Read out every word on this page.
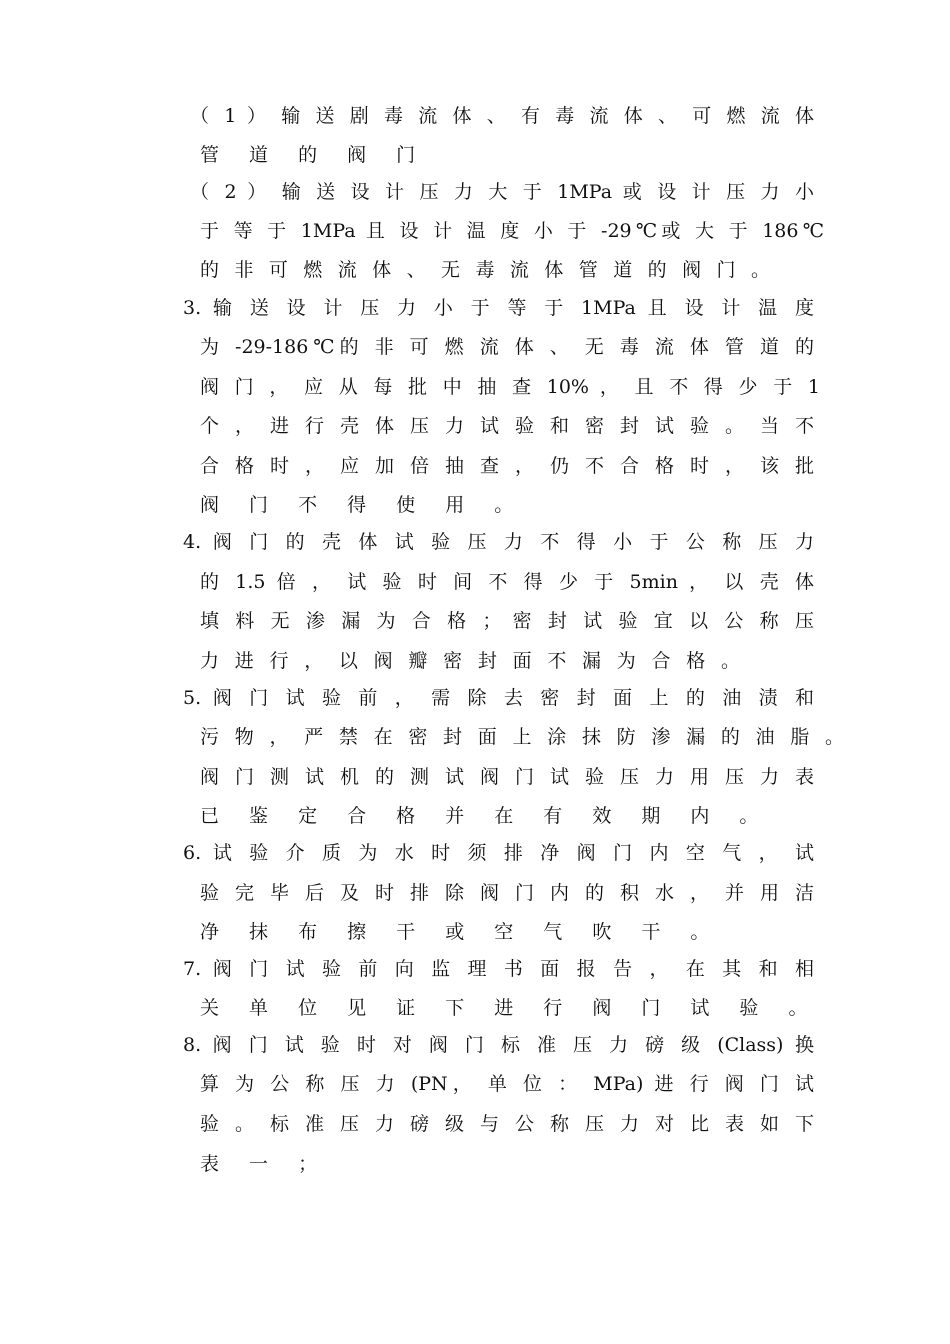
（ 1 ） 输 送 剧 毒 流 体 、 有 毒 流 体 、 可 燃 流 体
管 道 的 阀 门
（ 2 ） 输 送 设 计 压 力 大 于 1MPa 或 设 计 压 力 小
于 等 于 1MPa 且 设 计 温 度 小 于 -29℃或 大 于 186℃
的 非 可 燃 流 体 、 无 毒 流 体 管 道 的 阀 门 。
3. 输 送 设 计 压 力 小 于 等 于 1MPa 且 设 计 温 度
为 -29-186℃的 非 可 燃 流 体 、 无 毒 流 体 管 道 的
阀 门 ， 应 从 每 批 中 抽 查 10% ， 且 不 得 少 于 1
个 ， 进 行 壳 体 压 力 试 验 和 密 封 试 验 。 当 不
合 格 时 ， 应 加 倍 抽 查 ， 仍 不 合 格 时 ， 该 批
阀 门 不 得 使 用 。
4. 阀 门 的 壳 体 试 验 压 力 不 得 小 于 公 称 压 力
的 1.5 倍 ， 试 验 时 间 不 得 少 于 5min ， 以 壳 体
填 料 无 渗 漏 为 合 格 ； 密 封 试 验 宜 以 公 称 压
力 进 行 ， 以 阀 瓣 密 封 面 不 漏 为 合 格 。
5. 阀 门 试 验 前 ， 需 除 去 密 封 面 上 的 油 渍 和
污 物 ， 严 禁 在 密 封 面 上 涂 抹 防 渗 漏 的 油 脂 。
阀 门 测 试 机 的 测 试 阀 门 试 验 压 力 用 压 力 表
已 鉴 定 合 格 并 在 有 效 期 内 。
6. 试 验 介 质 为 水 时 须 排 净 阀 门 内 空 气 ， 试
验 完 毕 后 及 时 排 除 阀 门 内 的 积 水 ， 并 用 洁
净 抹 布 擦 干 或 空 气 吹 干 。
7. 阀 门 试 验 前 向 监 理 书 面 报 告 ， 在 其 和 相
关 单 位 见 证 下 进 行 阀 门 试 验 。
8. 阀 门 试 验 时 对 阀 门 标 准 压 力 磅 级 (Class) 换
算 为 公 称 压 力 (PN， 单 位 ： MPa) 进 行 阀 门 试
验 。 标 准 压 力 磅 级 与 公 称 压 力 对 比 表 如 下
表 一 ；
